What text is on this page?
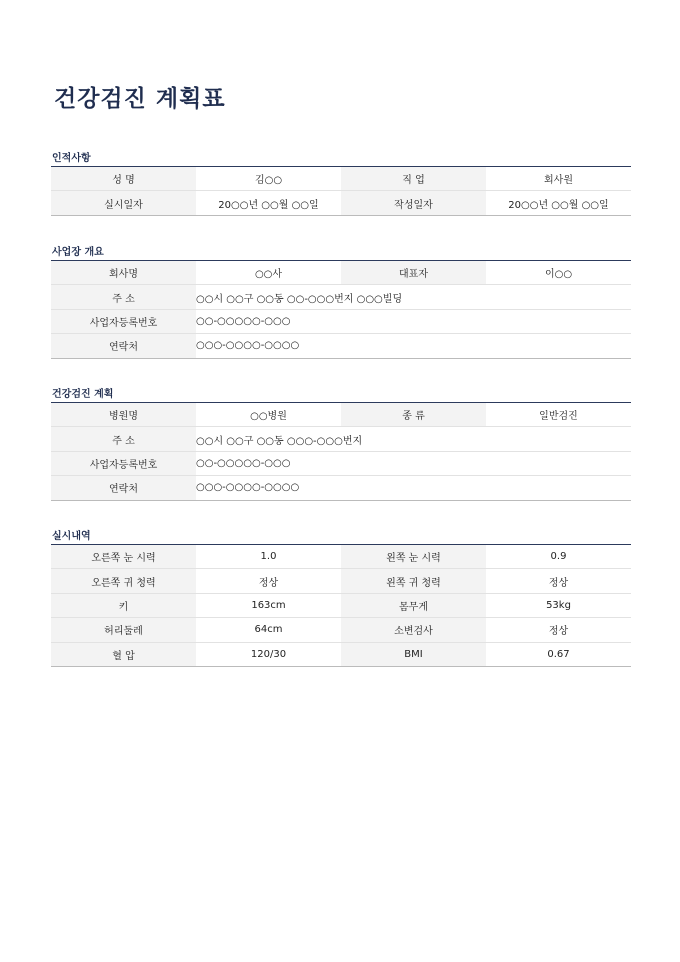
건강검진 계획표
인적사항
성 명	김○○	직 업	회사원
실시일자	20○○년 ○○월 ○○일	작성일자	20○○년 ○○월 ○○일
사업장 개요
회사명	○○사	대표자	이○○
주 소	○○시 ○○구 ○○동 ○○-○○○번지 ○○○빌딩		
사업자등록번호	○○-○○○○○-○○○		
연락처	○○○-○○○○-○○○○		
건강검진 계획
병원명	○○병원	종 류	일반검진
주 소	○○시 ○○구 ○○동 ○○○-○○○번지		
사업자등록번호	○○-○○○○○-○○○		
연락처	○○○-○○○○-○○○○		
실시내역
오른쪽 눈 시력	1.0	왼쪽 눈 시력	0.9
오른쪽 귀 청력	정상	왼쪽 귀 청력	정상
키	163cm	몸무게	53kg
허리둘레	64cm	소변검사	정상
혈 압	120/30	BMI	0.67
